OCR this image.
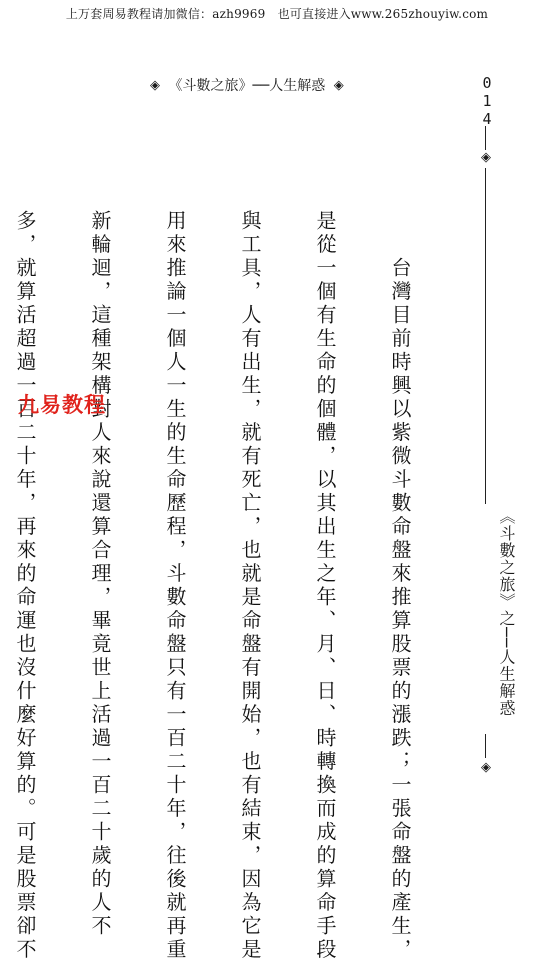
上万套周易教程请加微信：azh9969　也可直接进入www.265zhouyiw.com
◈ 《斗數之旅》──人生解惑 ◈	014
◈
《斗數之旅》之──人生解惑
◈

　　台灣目前時興以紫微斗數命盤來推算股票的漲跌；一張命盤的產生，

是從一個有生命的個體，以其出生之年、月、日、時轉換而成的算命手段

與工具，人有出生，就有死亡，也就是命盤有開始，也有結束，因為它是

用來推論一個人一生的生命歷程，斗數命盤只有一百二十年，往後就再重

新輪迴，這種架構對人來說還算合理，畢竟世上活過一百二十歲的人不

多，就算活超過一百二十年，再來的命運也沒什麼好算的。可是股票卻不

九易教程
